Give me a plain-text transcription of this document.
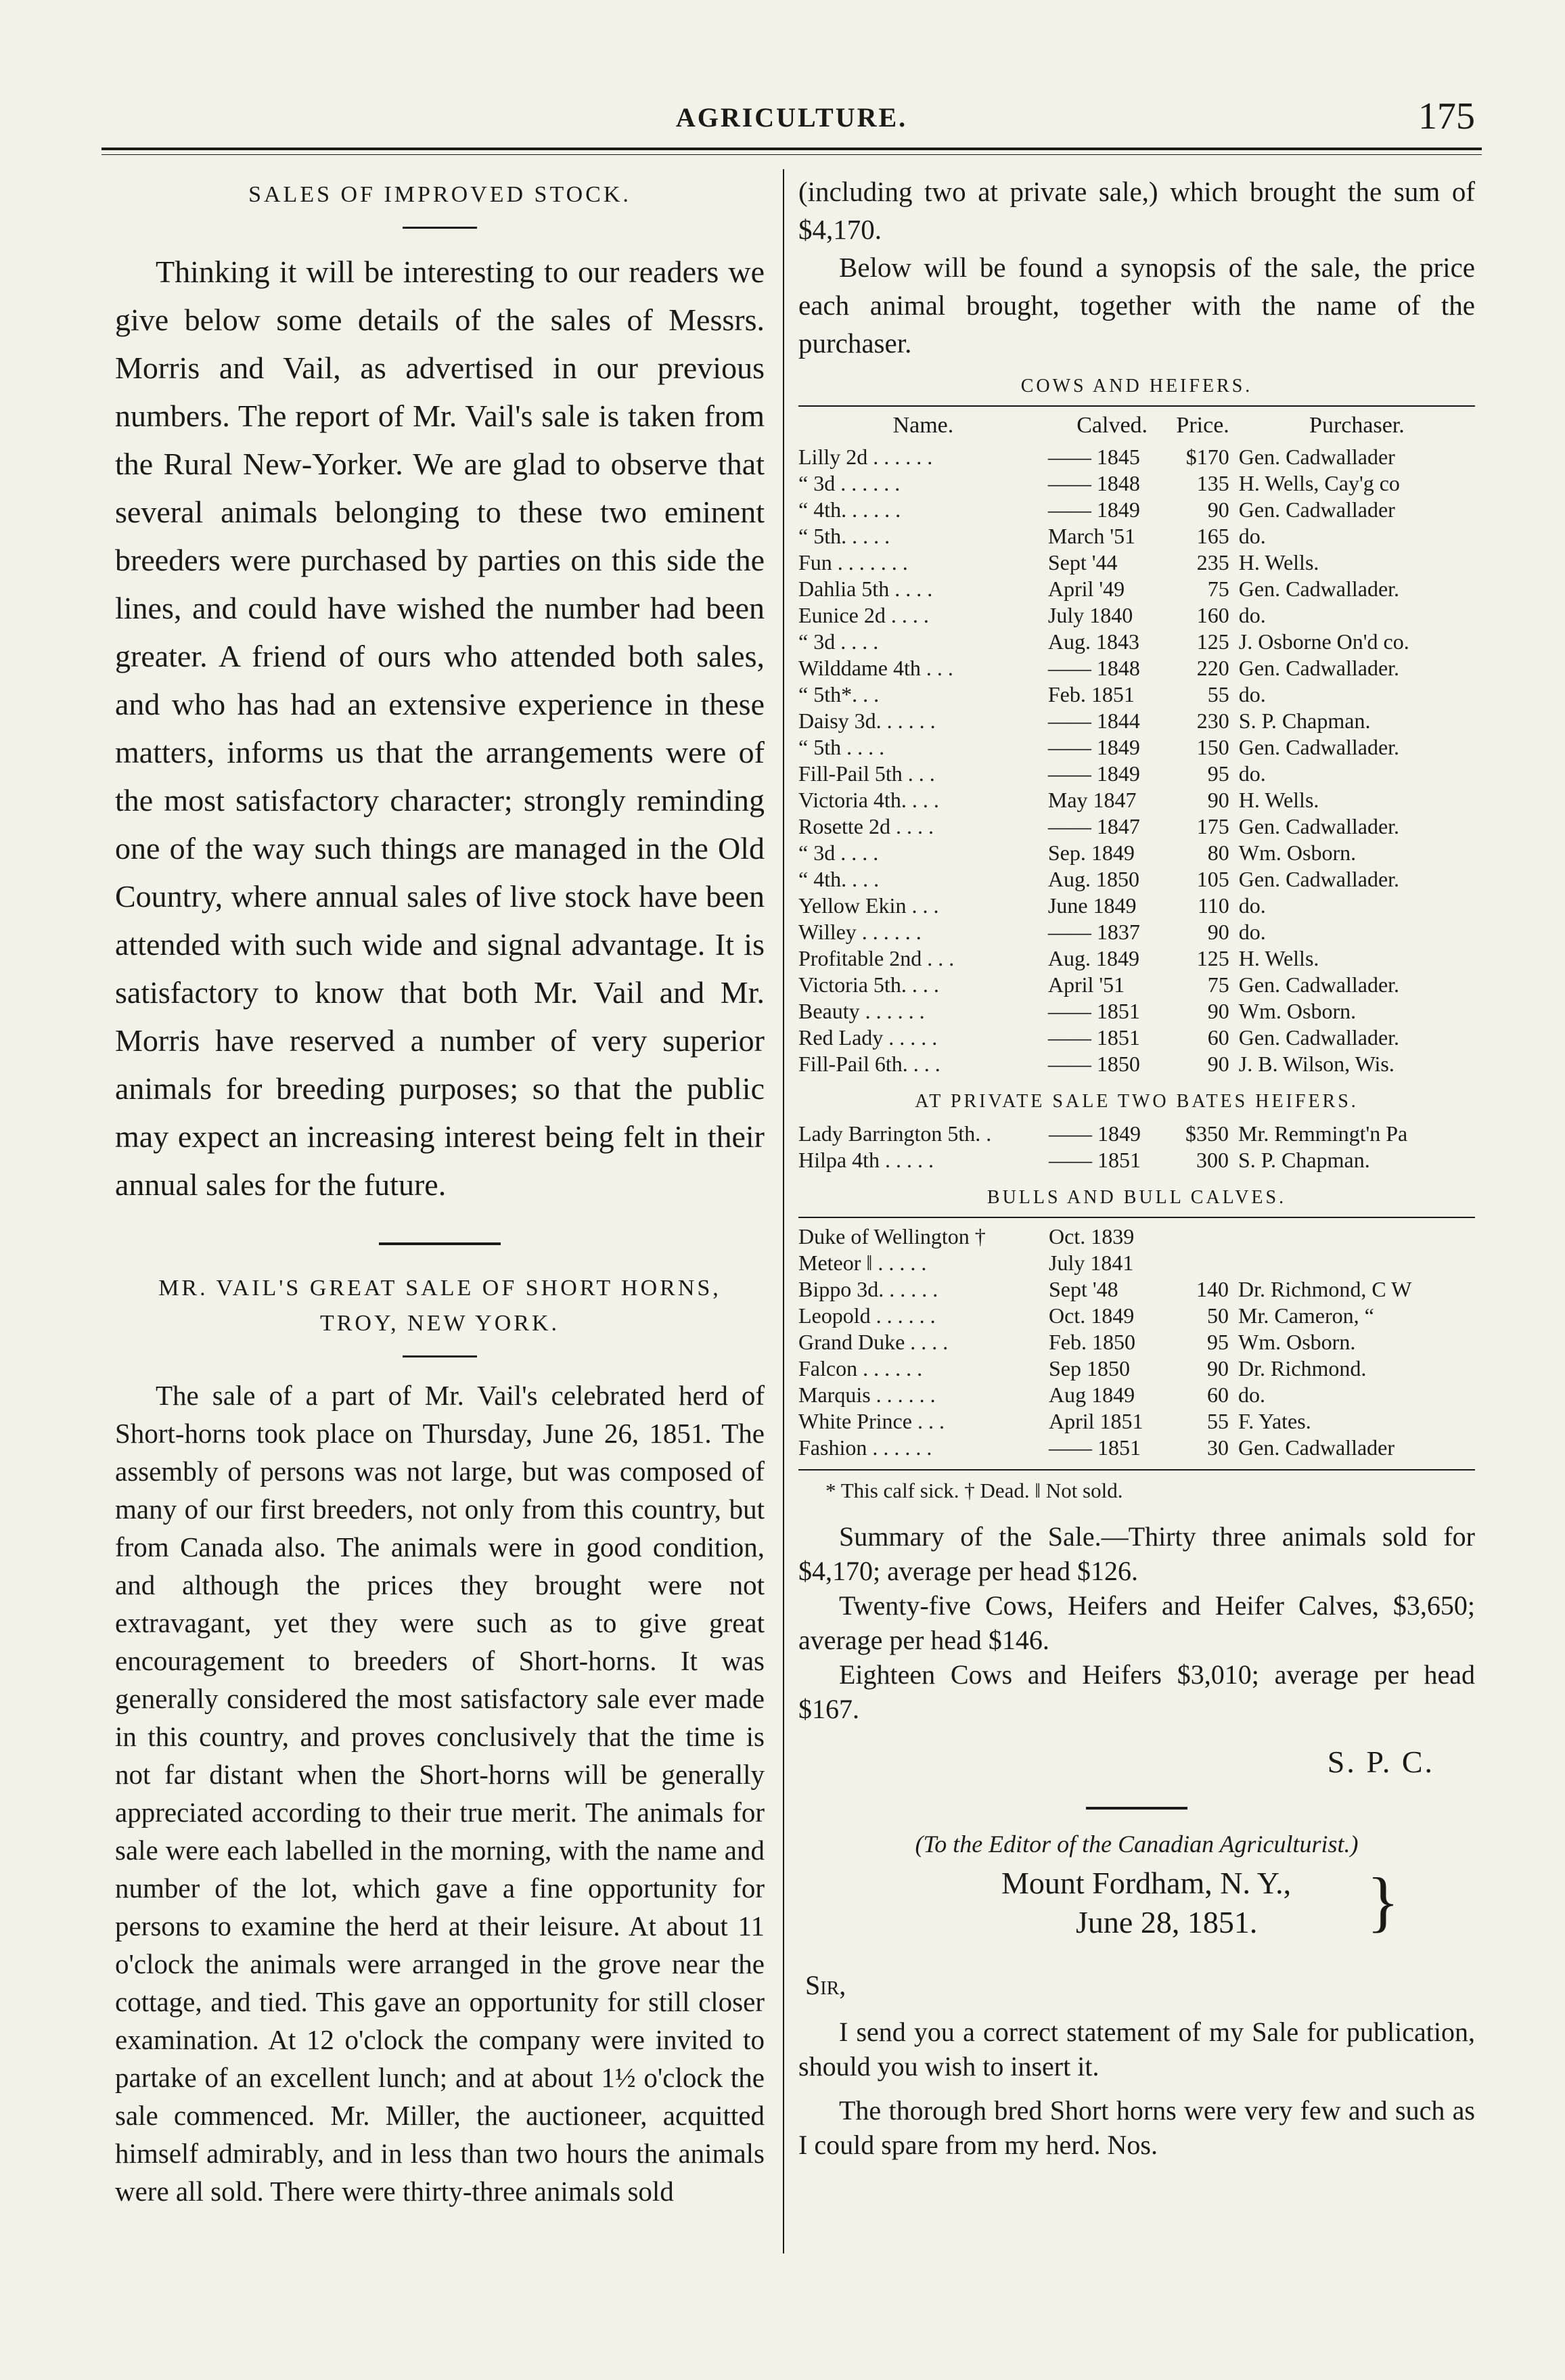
AGRICULTURE.	175
SALES OF IMPROVED STOCK.

Thinking it will be interesting to our readers we give below some details of the sales of Messrs. Morris and Vail, as advertised in our previous numbers. The report of Mr. Vail's sale is taken from the Rural New-Yorker. We are glad to observe that several animals belonging to these two eminent breeders were purchased by parties on this side the lines, and could have wished the number had been greater. A friend of ours who attended both sales, and who has had an extensive experience in these matters, informs us that the arrangements were of the most satisfactory character; strongly reminding one of the way such things are managed in the Old Country, where annual sales of live stock have been attended with such wide and signal advantage. It is satisfactory to know that both Mr. Vail and Mr. Morris have reserved a number of very superior animals for breeding purposes; so that the public may expect an increasing interest being felt in their annual sales for the future.

MR. VAIL'S GREAT SALE OF SHORT HORNS,
TROY, NEW YORK.

The sale of a part of Mr. Vail's celebrated herd of Short-horns took place on Thursday, June 26, 1851. The assembly of persons was not large, but was composed of many of our first breeders, not only from this country, but from Canada also. The animals were in good condition, and although the prices they brought were not extravagant, yet they were such as to give great encouragement to breeders of Short-horns. It was generally considered the most satisfactory sale ever made in this country, and proves conclusively that the time is not far distant when the Short-horns will be generally appreciated according to their true merit. The animals for sale were each labelled in the morning, with the name and number of the lot, which gave a fine opportunity for persons to examine the herd at their leisure. At about 11 o'clock the animals were arranged in the grove near the cottage, and tied. This gave an opportunity for still closer examination. At 12 o'clock the company were invited to partake of an excellent lunch; and at about 1½ o'clock the sale commenced. Mr. Miller, the auctioneer, acquitted himself admirably, and in less than two hours the animals were all sold. There were thirty-three animals sold

(including two at private sale,) which brought the sum of $4,170.

Below will be found a synopsis of the sale, the price each animal brought, together with the name of the purchaser.

COWS AND HEIFERS.
Name.	Calved.	Price.	Purchaser.
Lilly 2d . . . . . .	—— 1845	$170	Gen. Cadwallader
“ 3d . . . . . .	—— 1848	135	H. Wells, Cay'g co
“ 4th. . . . . .	—— 1849	90	Gen. Cadwallader
“ 5th. . . . .	March '51	165	do.
Fun . . . . . . .	Sept '44	235	H. Wells.
Dahlia 5th . . . .	April '49	75	Gen. Cadwallader.
Eunice 2d . . . .	July 1840	160	do.
“ 3d . . . .	Aug. 1843	125	J. Osborne On'd co.
Wilddame 4th . . .	—— 1848	220	Gen. Cadwallader.
“ 5th*. . .	Feb. 1851	55	do.
Daisy 3d. . . . . .	—— 1844	230	S. P. Chapman.
“ 5th . . . .	—— 1849	150	Gen. Cadwallader.
Fill-Pail 5th . . .	—— 1849	95	do.
Victoria 4th. . . .	May 1847	90	H. Wells.
Rosette 2d . . . .	—— 1847	175	Gen. Cadwallader.
“ 3d . . . .	Sep. 1849	80	Wm. Osborn.
“ 4th. . . .	Aug. 1850	105	Gen. Cadwallader.
Yellow Ekin . . .	June 1849	110	do.
Willey . . . . . .	—— 1837	90	do.
Profitable 2nd . . .	Aug. 1849	125	H. Wells.
Victoria 5th. . . .	April '51	75	Gen. Cadwallader.
Beauty . . . . . .	—— 1851	90	Wm. Osborn.
Red Lady . . . . .	—— 1851	60	Gen. Cadwallader.
Fill-Pail 6th. . . .	—— 1850	90	J. B. Wilson, Wis.
AT PRIVATE SALE TWO BATES HEIFERS.
Lady Barrington 5th. .	—— 1849	$350	Mr. Remmingt'n Pa
Hilpa 4th . . . . .	—— 1851	300	S. P. Chapman.
BULLS AND BULL CALVES.
Duke of Wellington †	Oct. 1839		
Meteor ‖ . . . . .	July 1841		
Bippo 3d. . . . . .	Sept '48	140	Dr. Richmond, C W
Leopold . . . . . .	Oct. 1849	50	Mr. Cameron, “
Grand Duke . . . .	Feb. 1850	95	Wm. Osborn.
Falcon . . . . . .	Sep 1850	90	Dr. Richmond.
Marquis . . . . . .	Aug 1849	60	do.
White Prince . . .	April 1851	55	F. Yates.
Fashion . . . . . .	—— 1851	30	Gen. Cadwallader
* This calf sick. † Dead. ‖ Not sold.

Summary of the Sale.—Thirty three animals sold for $4,170; average per head $126.

Twenty-five Cows, Heifers and Heifer Calves, $3,650; average per head $146.

Eighteen Cows and Heifers $3,010; average per head $167.

S. P. C.
(To the Editor of the Canadian Agriculturist.)
Mount Fordham, N. Y.,
June 28, 1851.	}
Sir,

I send you a correct statement of my Sale for publication, should you wish to insert it.

The thorough bred Short horns were very few and such as I could spare from my herd. Nos.
